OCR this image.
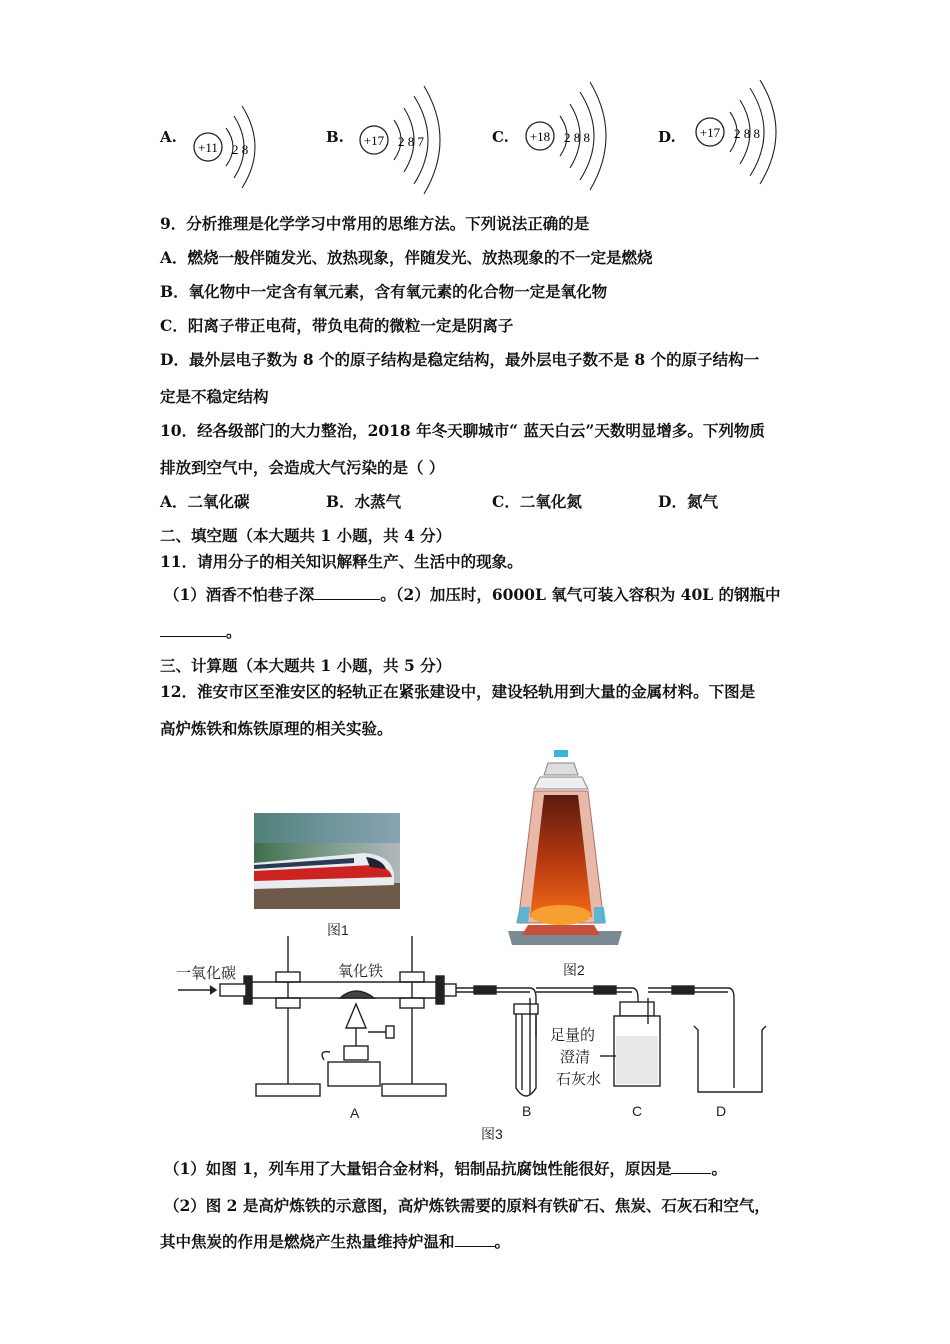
A.
+11 2 8
B. +17 2 8 7	C. +18 2 8 8	D. +17 2 8 8
9．分析推理是化学学习中常用的思维方法。下列说法正确的是
A．燃烧一般伴随发光、放热现象，伴随发光、放热现象的不一定是燃烧
B．氧化物中一定含有氧元素，含有氧元素的化合物一定是氧化物
C．阳离子带正电荷，带负电荷的微粒一定是阴离子
D．最外层电子数为 8 个的原子结构是稳定结构，最外层电子数不是 8 个的原子结构一
定是不稳定结构
10．经各级部门的大力整治，2018 年冬天聊城市“ 蓝天白云”天数明显增多。下列物质
排放到空气中，会造成大气污染的是（ ）
A．二氧化碳	B．水蒸气	C．二氧化氮	D．氮气
二、填空题（本大题共 1 小题，共 4 分）
11．请用分子的相关知识解释生产、生活中的现象。
（1）酒香不怕巷子深	。（2）加压时，6000L 氧气可装入容积为 40L 的钢瓶中
。
三、计算题（本大题共 1 小题，共 5 分）
12．淮安市区至淮安区的轻轨正在紧张建设中，建设轻轨用到大量的金属材料。下图是
高炉炼铁和炼铁原理的相关实验。
图1
图2
一氧化碳	氧化铁
足量的
澄清
石灰水
A	B	C	D
图3
（1）如图 1，列车用了大量铝合金材料，铝制品抗腐蚀性能很好，原因是	。
（2）图 2 是高炉炼铁的示意图，高炉炼铁需要的原料有铁矿石、焦炭、石灰石和空气，
其中焦炭的作用是燃烧产生热量维持炉温和	。
